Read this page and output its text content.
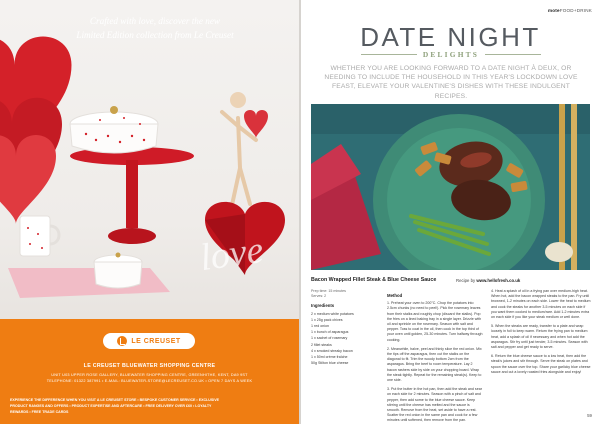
Crafted with love, discover the new
Limited Edition collection from Le Creuset
love
LE CREUSET
LE CREUSET BLUEWATER SHOPPING CENTRE
UNIT U03 UPPER ROSE GALLERY, BLUEWATER SHOPPING CENTRE, GREENHITHE, KENT, DA9 9ST
TELEPHONE: 01322 387991 • E-MAIL: BLUEWATER-STORE@LECREUSET.CO.UK • OPEN 7 DAYS A WEEK
EXPERIENCE THE DIFFERENCE WHEN YOU VISIT A LE CREUSET STORE • BESPOKE CUSTOMER SERVICE • EXCLUSIVE PRODUCT RANGES AND OFFERS • PRODUCT EXPERTISE AND AFTERCARE • FREE DELIVERY OVER £60 • LOYALTY REWARDS • FREE TRADE CARDS
moteFOOD+DRINK
DATE NIGHT
DELIGHTS

WHETHER YOU ARE LOOKING FORWARD TO A DATE NIGHT À DEUX, OR NEEDING TO INCLUDE THE HOUSEHOLD IN THIS YEAR'S LOCKDOWN LOVE FEAST, ELEVATE YOUR VALENTINE'S DISHES WITH THESE INDULGENT RECIPES.

Bacon Wrapped Fillet Steak & Blue Cheese Sauce	Recipe by www.hellofresh.co.uk
Prep time: 15 minutes
Serves: 2
Ingredients
2 x medium white potatoes
1 x 25g pack chives
1 red onion
1 x bunch of asparagus
1 x sachet of rosemary
2 fillet steaks
4 x smoked streaky bacon
1 x 50ml crème fraîche
50g Stilton blue cheese
Method

1. Preheat your oven to 200°C. Chop the potatoes into 2.5cm chunks (no need to peel!). Pick the rosemary leaves from their stalks and roughly chop (discard the stalks). Pop the fries on a lined baking tray in a single layer. Drizzle with oil and sprinkle on the rosemary. Season with salt and pepper. Toss to coat in the oil, then cook in the top third of your oven until golden, 25-30 minutes. Turn halfway through cooking.

2. Meanwhile, halve, peel and thinly slice the red onion. Mix the tips off the asparagus, then cut the stalks on the diagonal to fit. Trim the woody bottom 2cm from the asparagus. Bring the beef to room temperature. Lay 2 bacon rashers side by side on your chopping board. Wrap the steak tightly. Repeat for the remaining steak(s). Keep to one side.

3. Put the butter in the hot pan, then add the steak and sear on each side for 2 minutes. Season with a pinch of salt and pepper, then add some to the blue cheese sauce. Keep stirring until the cheese has melted and the sauce is smooth. Remove from the heat, set aside to have a rest. Scatter the red onion in the same pan and cook for a few minutes until softened, then remove from the pan.

4. Heat a splash of oil in a frying pan over medium-high heat. When hot, add the bacon wrapped steaks to the pan. Fry until browned, 1-2 minutes on each side. Lower the heat to medium and cook the steaks for another 3-5 minutes on each side if you want them cooked to medium/rare. Add 1-2 minutes extra on each side if you like your steak medium or well done.

5. When the steaks are ready, transfer to a plate and wrap loosely in foil to keep warm. Return the frying pan to medium heat, add a splash of oil if necessary and when hot add the asparagus. Stir fry until just tender, 3-5 minutes. Season with salt and pepper and get ready to serve.

6. Return the blue cheese sauce to a low heat, then add the steak's juices and stir through. Serve the steak on plates and spoon the sauce over the top. Share your garlicky blue cheese sauce and cut a lovely roasted fries alongside and enjoy!

59
